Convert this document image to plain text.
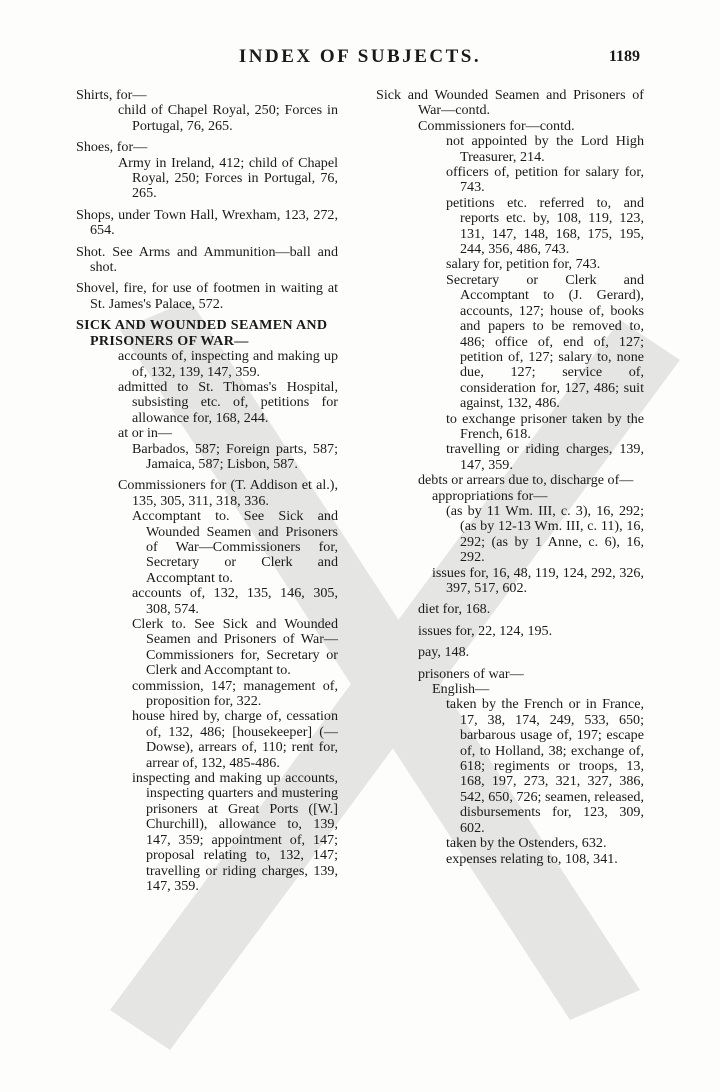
INDEX OF SUBJECTS.	1189
Shirts, for—
child of Chapel Royal, 250; Forces in Portugal, 76, 265.
Shoes, for—
Army in Ireland, 412; child of Chapel Royal, 250; Forces in Portugal, 76, 265.
Shops, under Town Hall, Wrexham, 123, 272, 654.
Shot. See Arms and Ammunition—ball and shot.
Shovel, fire, for use of footmen in waiting at St. James's Palace, 572.
SICK AND WOUNDED SEAMEN AND PRISONERS OF WAR—
accounts of, inspecting and making up of, 132, 139, 147, 359.
admitted to St. Thomas's Hospital, subsisting etc. of, petitions for allowance for, 168, 244.
at or in—
Barbados, 587; Foreign parts, 587; Jamaica, 587; Lisbon, 587.
Commissioners for (T. Addison et al.), 135, 305, 311, 318, 336.
Accomptant to. See Sick and Wounded Seamen and Prisoners of War—Commissioners for, Secretary or Clerk and Accomptant to.
accounts of, 132, 135, 146, 305, 308, 574.
Clerk to. See Sick and Wounded Seamen and Prisoners of War—Commissioners for, Secretary or Clerk and Accomptant to.
commission, 147; management of, proposition for, 322.
house hired by, charge of, cessation of, 132, 486; [housekeeper] (— Dowse), arrears of, 110; rent for, arrear of, 132, 485-486.
inspecting and making up accounts, inspecting quarters and mustering prisoners at Great Ports ([W.] Churchill), allowance to, 139, 147, 359; appointment of, 147; proposal relating to, 132, 147; travelling or riding charges, 139, 147, 359.
Sick and Wounded Seamen and Prisoners of War—contd.
Commissioners for—contd.
not appointed by the Lord High Treasurer, 214.
officers of, petition for salary for, 743.
petitions etc. referred to, and reports etc. by, 108, 119, 123, 131, 147, 148, 168, 175, 195, 244, 356, 486, 743.
salary for, petition for, 743.
Secretary or Clerk and Accomptant to (J. Gerard), accounts, 127; house of, books and papers to be removed to, 486; office of, end of, 127; petition of, 127; salary to, none due, 127; service of, consideration for, 127, 486; suit against, 132, 486.
to exchange prisoner taken by the French, 618.
travelling or riding charges, 139, 147, 359.
debts or arrears due to, discharge of—
appropriations for—
(as by 11 Wm. III, c. 3), 16, 292; (as by 12-13 Wm. III, c. 11), 16, 292; (as by 1 Anne, c. 6), 16, 292.
issues for, 16, 48, 119, 124, 292, 326, 397, 517, 602.
diet for, 168.
issues for, 22, 124, 195.
pay, 148.
prisoners of war—
English—
taken by the French or in France, 17, 38, 174, 249, 533, 650; barbarous usage of, 197; escape of, to Holland, 38; exchange of, 618; regiments or troops, 13, 168, 197, 273, 321, 327, 386, 542, 650, 726; seamen, released, disbursements for, 123, 309, 602.
taken by the Ostenders, 632.
expenses relating to, 108, 341.
